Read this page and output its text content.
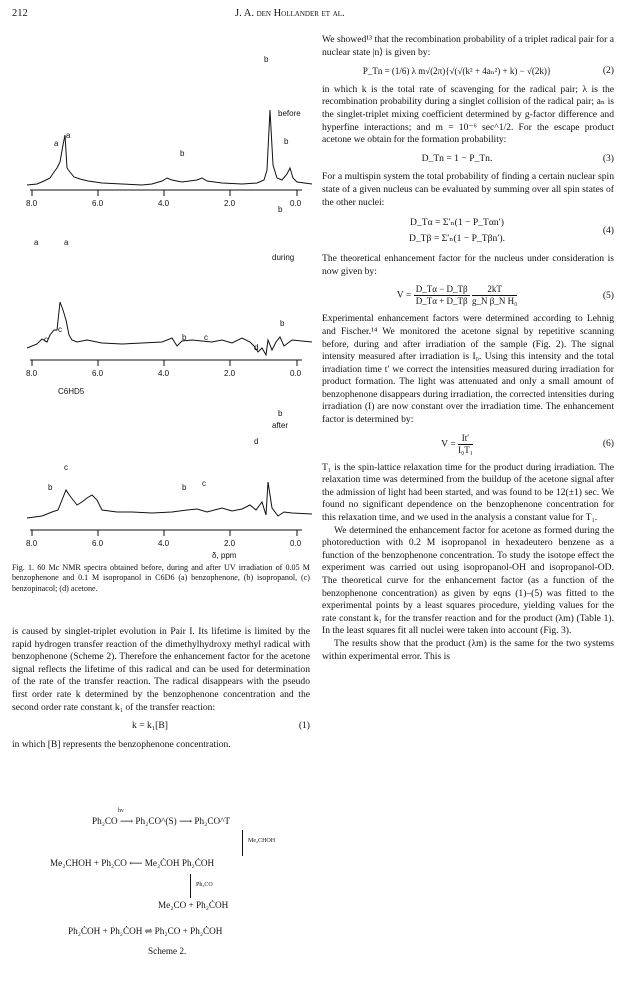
212	J. A. den Hollander et al.
8.0	6.0	4.0	2.0	0.0
before
a
a
b
b
b
8.0	6.0	4.0	2.0	0.0
during
a	a
c
c	b c
d
b
b
8.0	6.0	4.0	2.0	0.0
after
C6HD5
c
b	c
b
d
b
δ, ppm
Fig. 1. 60 Mc NMR spectra obtained before, during and after UV irradiation of 0.05 M benzophenone and 0.1 M isopropanol in C6D6 (a) benzophenone, (b) isopropanol, (c) benzopinacol; (d) acetone.

is caused by singlet-triplet evolution in Pair I. Its lifetime is limited by the rapid hydrogen transfer reaction of the dimethylhydroxy methyl radical with benzophenone (Scheme 2). Therefore the enhancement factor for the acetone signal reflects the lifetime of this radical and can be used for determination of the rate of the transfer reaction. The radical disappears with the pseudo first order rate k determined by the benzophenone concentration and the second order rate constant k₁ of the transfer reaction:

k = k₁[B]	(1)

in which [B] represents the benzophenone concentration.

hν
Ph₂CO ⟶ Ph₂CO^(S) ⟶ Ph₂CO^T
Me₂CHOH
Me₂CHOH + Ph₂CO ⟵ Me₂ĊOH Ph₂ĊOH
Ph₂CO
Me₂CO + Ph₂ĊOH
Ph₂ĊOH + Ph₂ĊOH ⇌ Ph₂CO + Ph₂ĊOH
Scheme 2.

We showed¹³ that the recombination probability of a triplet radical pair for a nuclear state |n⟩ is given by:

P_Tn = (1/6) λ m√(2π){√(√(k² + 4aₙ²) + k) − √(2k)}	(2)

in which k is the total rate of scavenging for the radical pair; λ is the recombination probability during a singlet collision of the radical pair; aₙ is the singlet-triplet mixing coefficient determined by g-factor difference and hyperfine interactions; and m = 10⁻⁶ sec^1/2. For the escape product acetone we obtain for the formation probability:

D_Tn = 1 − P_Tn.	(3)

For a multispin system the total probability of finding a certain nuclear spin state of a given nucleus can be evaluated by summing over all spin states of the other nuclei:

D_Tα = Σ′ₙ(1 − P_Tαn′)
D_Tβ = Σ′ₙ(1 − P_Tβn′).
(4)

The theoretical enhancement factor for the nucleus under consideration is now given by:

$V = \frac{D\_T\alpha - D\_T\beta}{D\_T\alpha + D\_T\beta}$
$\frac{2kT}{\text{g\_N β\_N H₀}}$	(5)

Experimental enhancement factors were determined according to Lehnig and Fischer.¹⁴ We monitored the acetone signal by repetitive scanning before, during and after irradiation of the sample (Fig. 2). The signal intensity measured after irradiation is I₀. Using this intensity and the total irradiation time t′ we correct the intensities measured during irradiation for product formation. The light was attenuated and only a small amount of benzophenone disappears during irradiation, the corrected intensities during irradiation (I) are now constant over the irradiation time. The enhancement factor is determined by:

$V = \frac{It'}{\text{I₀T₁}}$	(6)

T₁ is the spin-lattice relaxation time for the product during irradiation. The relaxation time was determined from the buildup of the acetone signal after the admission of light had been started, and was found to be 12(±1) sec. We found no significant dependence on the benzophenone concentration for this relaxation time, and we used in the analysis a constant value for T₁.

We determined the enhancement factor for acetone as formed during the photoreduction with 0.2 M isopropanol in hexadeutero benzene as a function of the benzophenone concentration. To study the isotope effect the experiment was carried out using isopropanol-OH and isopropanol-OD. The theoretical curve for the enhancement factor (as a function of the benzophenone concentration) as given by eqns (1)–(5) was fitted to the experimental points by a least squares procedure, yielding values for the rate constant k₁ for the transfer reaction and for the product (λm) (Table 1). In the least squares fit all nuclei were taken into account (Fig. 3).

The results show that the product (λm) is the same for the two systems within experimental error. This is
